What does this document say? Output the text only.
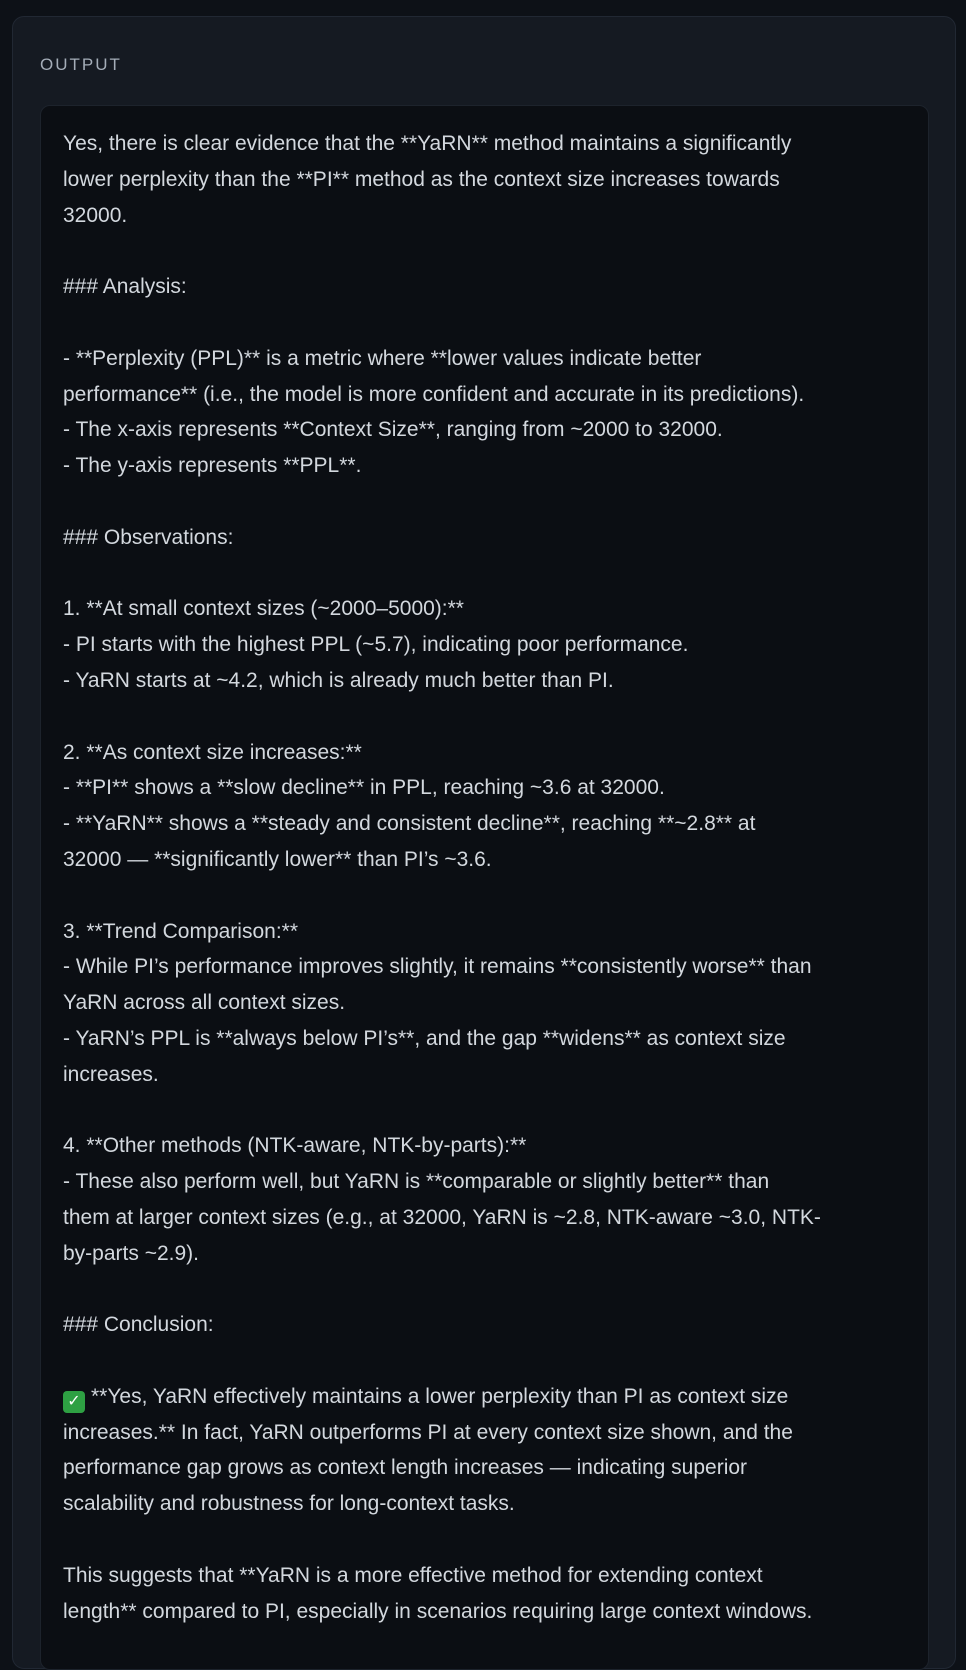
OUTPUT
Yes, there is clear evidence that the **YaRN** method maintains a significantly
lower perplexity than the **PI** method as the context size increases towards
32000.
### Analysis:
- **Perplexity (PPL)** is a metric where **lower values indicate better
performance** (i.e., the model is more confident and accurate in its predictions).
- The x-axis represents **Context Size**, ranging from ~2000 to 32000.
- The y-axis represents **PPL**.
### Observations:
1. **At small context sizes (~2000–5000):**
- PI starts with the highest PPL (~5.7), indicating poor performance.
- YaRN starts at ~4.2, which is already much better than PI.
2. **As context size increases:**
- **PI** shows a **slow decline** in PPL, reaching ~3.6 at 32000.
- **YaRN** shows a **steady and consistent decline**, reaching **~2.8** at
32000 — **significantly lower** than PI’s ~3.6.
3. **Trend Comparison:**
- While PI’s performance improves slightly, it remains **consistently worse** than
YaRN across all context sizes.
- YaRN’s PPL is **always below PI’s**, and the gap **widens** as context size
increases.
4. **Other methods (NTK-aware, NTK-by-parts):**
- These also perform well, but YaRN is **comparable or slightly better** than
them at larger context sizes (e.g., at 32000, YaRN is ~2.8, NTK-aware ~3.0, NTK-
by-parts ~2.9).
### Conclusion:
✓ **Yes, YaRN effectively maintains a lower perplexity than PI as context size
increases.** In fact, YaRN outperforms PI at every context size shown, and the
performance gap grows as context length increases — indicating superior
scalability and robustness for long-context tasks.
This suggests that **YaRN is a more effective method for extending context
length** compared to PI, especially in scenarios requiring large context windows.
